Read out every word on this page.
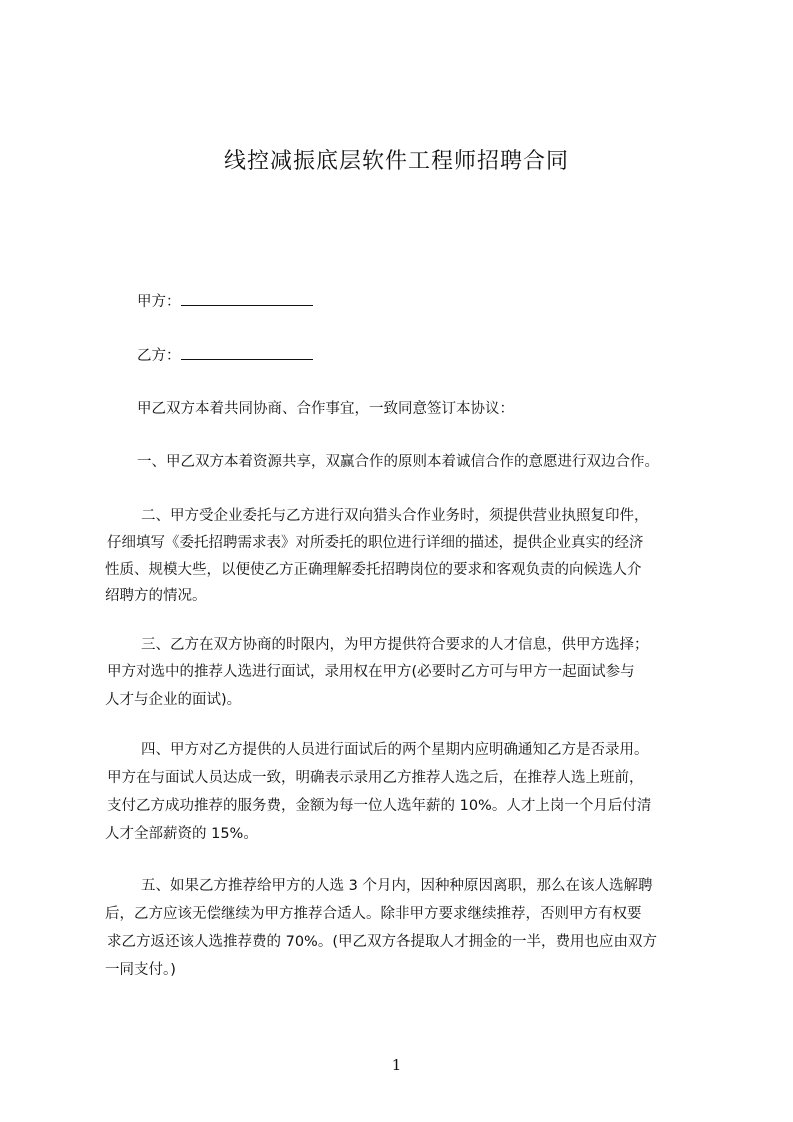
线控减振底层软件工程师招聘合同
甲方：
乙方：
甲乙双方本着共同协商、合作事宜，一致同意签订本协议：
一、甲乙双方本着资源共享，双赢合作的原则本着诚信合作的意愿进行双边合作。
二、甲方受企业委托与乙方进行双向猎头合作业务时，须提供营业执照复印件，
仔细填写《委托招聘需求表》对所委托的职位进行详细的描述，提供企业真实的经济
性质、规模大些，以便使乙方正确理解委托招聘岗位的要求和客观负责的向候选人介
绍聘方的情况。
三、乙方在双方协商的时限内，为甲方提供符合要求的人才信息，供甲方选择；
甲方对选中的推荐人选进行面试，录用权在甲方(必要时乙方可与甲方一起面试参与
人才与企业的面试)。
四、甲方对乙方提供的人员进行面试后的两个星期内应明确通知乙方是否录用。
甲方在与面试人员达成一致，明确表示录用乙方推荐人选之后，在推荐人选上班前，
支付乙方成功推荐的服务费，金额为每一位人选年薪的 10%。人才上岗一个月后付清
人才全部薪资的 15%。
五、如果乙方推荐给甲方的人选 3 个月内，因种种原因离职，那么在该人选解聘
后，乙方应该无偿继续为甲方推荐合适人。除非甲方要求继续推荐，否则甲方有权要
求乙方返还该人选推荐费的 70%。(甲乙双方各提取人才拥金的一半，费用也应由双方
一同支付。)
1
